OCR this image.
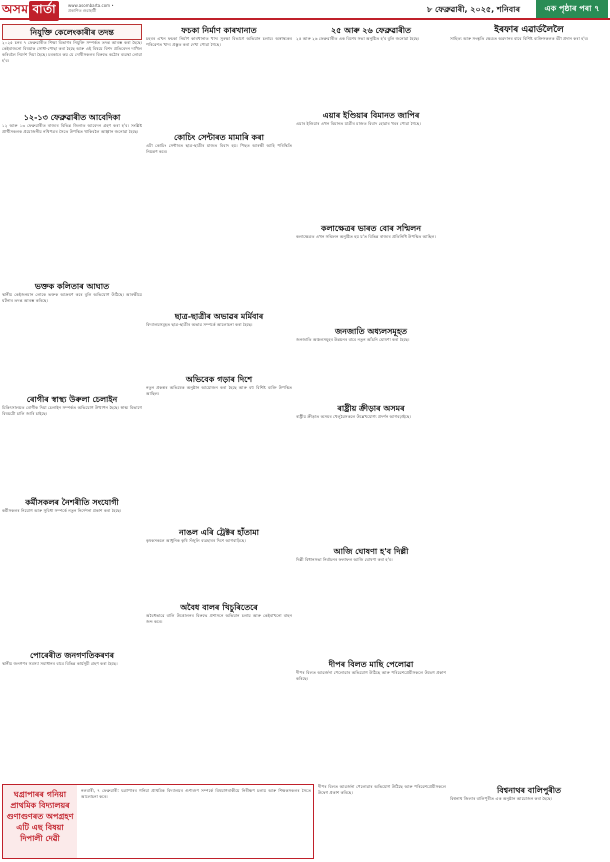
অসম বাৰ্তা	www.asombarta.com • প্ৰকাশিত গুৱাহাটী	৮ ফেব্ৰুৱাৰী, ২০২৫, শনিবাৰ	এক পৃষ্ঠাৰ পৰা ৭
নিযুক্তি কেলেংকাৰীৰ তদন্ত
২০২৫ চনৰ ৭ ফেব্ৰুৱাৰীত শিক্ষা বিভাগৰ নিযুক্তি সম্পৰ্কত তদন্ত আৰম্ভ কৰা হৈছে। কেইবাজনো বিষয়াক সোধা-পোছা কৰা হৈছে আৰু এই বিষয়ে বিশদ প্ৰতিবেদন দাখিল কৰিবলৈ নিৰ্দেশ দিয়া হৈছে। চৰকাৰে কয় যে দোষীসকলৰ বিৰুদ্ধে কঠোৰ ব্যৱস্থা লোৱা হ'ব।
১২-১৩ ফেব্ৰুৱাৰীত আবেদিকা
১২ আৰু ১৩ ফেব্ৰুৱাৰীত ৰাজ্যৰ বিভিন্ন জিলাত আবেদন গ্ৰহণ কৰা হ'ব। সংশ্লিষ্ট প্ৰাৰ্থীসকলক প্ৰয়োজনীয় নথিপত্ৰৰ সৈতে উপস্থিত থাকিবলৈ আহ্বান জনোৱা হৈছে।
ভক্তক কলিতাৰ আঘাত
স্থানীয় কেইজনমান লোকে ভক্তক আক্ৰমণ কৰে বুলি অভিযোগ উঠিছে। আৰক্ষীয়ে ঘটনাৰ তদন্ত আৰম্ভ কৰিছে।
ৰোগীৰ স্বাস্থ্য উৰুলা চেলাইন
চিকিৎসালয়ত ৰোগীক দিয়া চেলাইন সম্পৰ্কত অভিযোগ উত্থাপন হৈছে। স্বাস্থ্য বিভাগে বিষয়টো চালি জাৰি চাইছে।
কৰ্মীসকলৰ নৈশৰীতি সংযোগী
কৰ্মীসকলৰ নিয়োগ আৰু সুবিধা সম্পৰ্কে নতুন নিৰ্দেশনা প্ৰকাশ কৰা হৈছে।
পোৰেৰীত জনগণতিকৰণৰ
স্থানীয় জনগণৰ সমস্যা সমাধানৰ বাবে বিভিন্ন কাৰ্যসূচী গ্ৰহণ কৰা হৈছে।
ফচকা নিৰ্মাণ কাৰখানাত
চহৰৰ এখন ফচকা নিৰ্মাণ কাৰখানাত খাদ্য সুৰক্ষা বিভাগে অভিযান চলায়। অস্বাস্থ্যকৰ পৰিৱেশত খাদ্য প্ৰস্তুত কৰা দেখা পোৱা গৈছে।
কোচিং সেন্টাৰত মামাৰি কৰা
এটা কোচিং সেন্টাৰত ছাত্ৰ-ছাত্ৰীৰ মাজত বিবাদ হয়। পিছত আৰক্ষী আহি পৰিস্থিতি নিয়ন্ত্ৰণ কৰে।
ছাত্ৰ-ছাত্ৰীৰ অভাৱৰ মৰ্মিবাৰ
বিদ্যালয়সমূহত ছাত্ৰ-ছাত্ৰীৰ অভাৱ সম্পৰ্কে আলোচনা কৰা হৈছে।
অভিবেক গড়াৰ দিশে
নতুন প্ৰকল্পৰ অভিষেক অনুষ্ঠান আয়োজন কৰা হৈছে আৰু বহু বিশিষ্ট ব্যক্তি উপস্থিত আছিল।
নাঙল এৰি ট্ৰেক্টৰ হাঁতামা
কৃষকসকলে আধুনিক কৃষি সঁজুলি ব্যৱহাৰৰ দিশে আগবাঢ়িছে।
অবৈধ বালৰ খিচুৰিতেৰে
অবৈধভাৱে বালি উত্তোলনৰ বিৰুদ্ধে প্ৰশাসনে অভিযান চলায় আৰু কেইবাখনো বাহন জব্দ কৰে।
২৫ আৰু ২৬ ফেব্ৰুৱাৰীত
২৫ আৰু ২৬ ফেব্ৰুৱাৰীত এক বিশেষ সভা অনুষ্ঠিত হ'ব বুলি জনোৱা হৈছে।
এয়াৰ ইণ্ডিয়াৰ বিমানত জাপিৰ
এয়াৰ ইণ্ডিয়াৰ এখন বিমানত যাত্ৰীৰ মাজত বিবাদ হোৱাৰ খবৰ পোৱা গৈছে।
কলাক্ষেত্ৰৰ ভাৰত বোৰ সন্মিলন
কলাক্ষেত্ৰত এখন সন্মিলন অনুষ্ঠিত হয় য'ত বিভিন্ন ৰাজ্যৰ প্ৰতিনিধি উপস্থিত আছিল।
জনজাতি অধ্যলসমূহত
জনজাতি অঞ্চলসমূহৰ উন্নয়নৰ বাবে নতুন আঁচনি ঘোষণা কৰা হৈছে।
ৰাষ্ট্ৰীয় ক্ৰীড়াৰ অসমৰ
ৰাষ্ট্ৰীয় ক্ৰীড়াত অসমৰ খেলুৱৈসকলে উল্লেখযোগ্য প্ৰদৰ্শন আগবঢ়াইছে।
আজি ঘোষণা হ'ব দিল্লী
দিল্লী বিধানসভা নিৰ্বাচনৰ ফলাফল আজি ঘোষণা কৰা হ'ব।
দীপৰ বিলত মাছি পেলোৱা
দীপৰ বিলত আৱৰ্জনা পেলোৱাৰ অভিযোগ উঠিছে আৰু পৰিৱেশপ্ৰেমীসকলে উদ্বেগ প্ৰকাশ কৰিছে।
ইৰফাৰ এৱাৰ্ডলৈলৈ
সাহিত্য আৰু সংস্কৃতি ক্ষেত্ৰত অৱদানৰ বাবে বিশিষ্ট ব্যক্তিসকলক বঁটা প্ৰদান কৰা হ'ব।
ঘগ্ৰাপাৰৰ গনিয়া প্ৰাথমিক বিদ্যালয়ৰ গুণাগুণৰত অপগ্ৰহণ এটি এছ বিষয়া দিপালী দেৱী
নলবাৰী, ৭ ফেব্ৰুৱাৰী: ঘগ্ৰাপাৰৰ গনিয়া প্ৰাথমিক বিদ্যালয়ৰ গুণাগুণ সম্পৰ্কে বিষয়াগৰাকীয়ে নিৰীক্ষণ চলায় আৰু শিক্ষকসকলৰ সৈতে আলোচনা কৰে।
দীপৰ বিলত আৱৰ্জনা পেলোৱাৰ অভিযোগ উঠিছে আৰু পৰিৱেশপ্ৰেমীসকলে উদ্বেগ প্ৰকাশ কৰিছে।	বিশ্বনাথৰ বালিপুৰীত
বিশ্বনাথ জিলাৰ বালিপুৰীত এক অনুষ্ঠান আয়োজন কৰা হৈছে।
